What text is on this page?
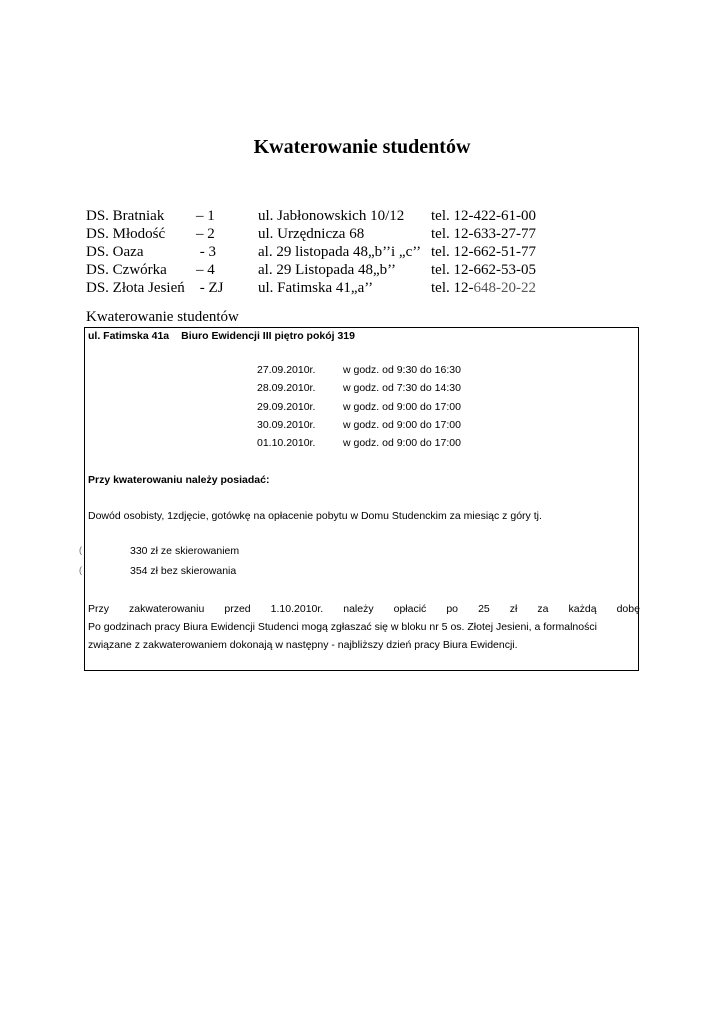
Kwaterowanie studentów
DS. Bratniak – 1	ul. Jabłonowskich 10/12 tel. 12-422-61-00
DS. Młodość – 2	ul. Urzędnicza 68	tel. 12-633-27-77
DS. Oaza	- 3	al. 29 listopada 48„b’’i „c’’ tel. 12-662-51-77
DS. Czwórka – 4	al. 29 Listopada 48„b’’ tel. 12-662-53-05
DS. Złota Jesień - ZJ ul. Fatimska 41„a’’	tel. 12-648-20-22
Kwaterowanie studentów
ul. Fatimska 41a Biuro Ewidencji III piętro pokój 319
27.09.2010r.	w godz. od 9:30 do 16:30
28.09.2010r.	w godz. od 7:30 do 14:30
29.09.2010r.	w godz. od 9:00 do 17:00
30.09.2010r.	w godz. od 9:00 do 17:00
01.10.2010r.	w godz. od 9:00 do 17:00
Przy kwaterowaniu należy posiadać:
Dowód osobisty, 1zdjęcie, gotówkę na opłacenie pobytu w Domu Studenckim za miesiąc z góry tj.
(	330 zł ze skierowaniem
(	354 zł bez skierowania
Przy zakwaterowaniu przed 1.10.2010r. należy opłacić po 25 zł za każdą dobę
Po godzinach pracy Biura Ewidencji Studenci mogą zgłaszać się w bloku nr 5 os. Złotej Jesieni, a formalności
związane z zakwaterowaniem dokonają w następny - najbliższy dzień pracy Biura Ewidencji.
